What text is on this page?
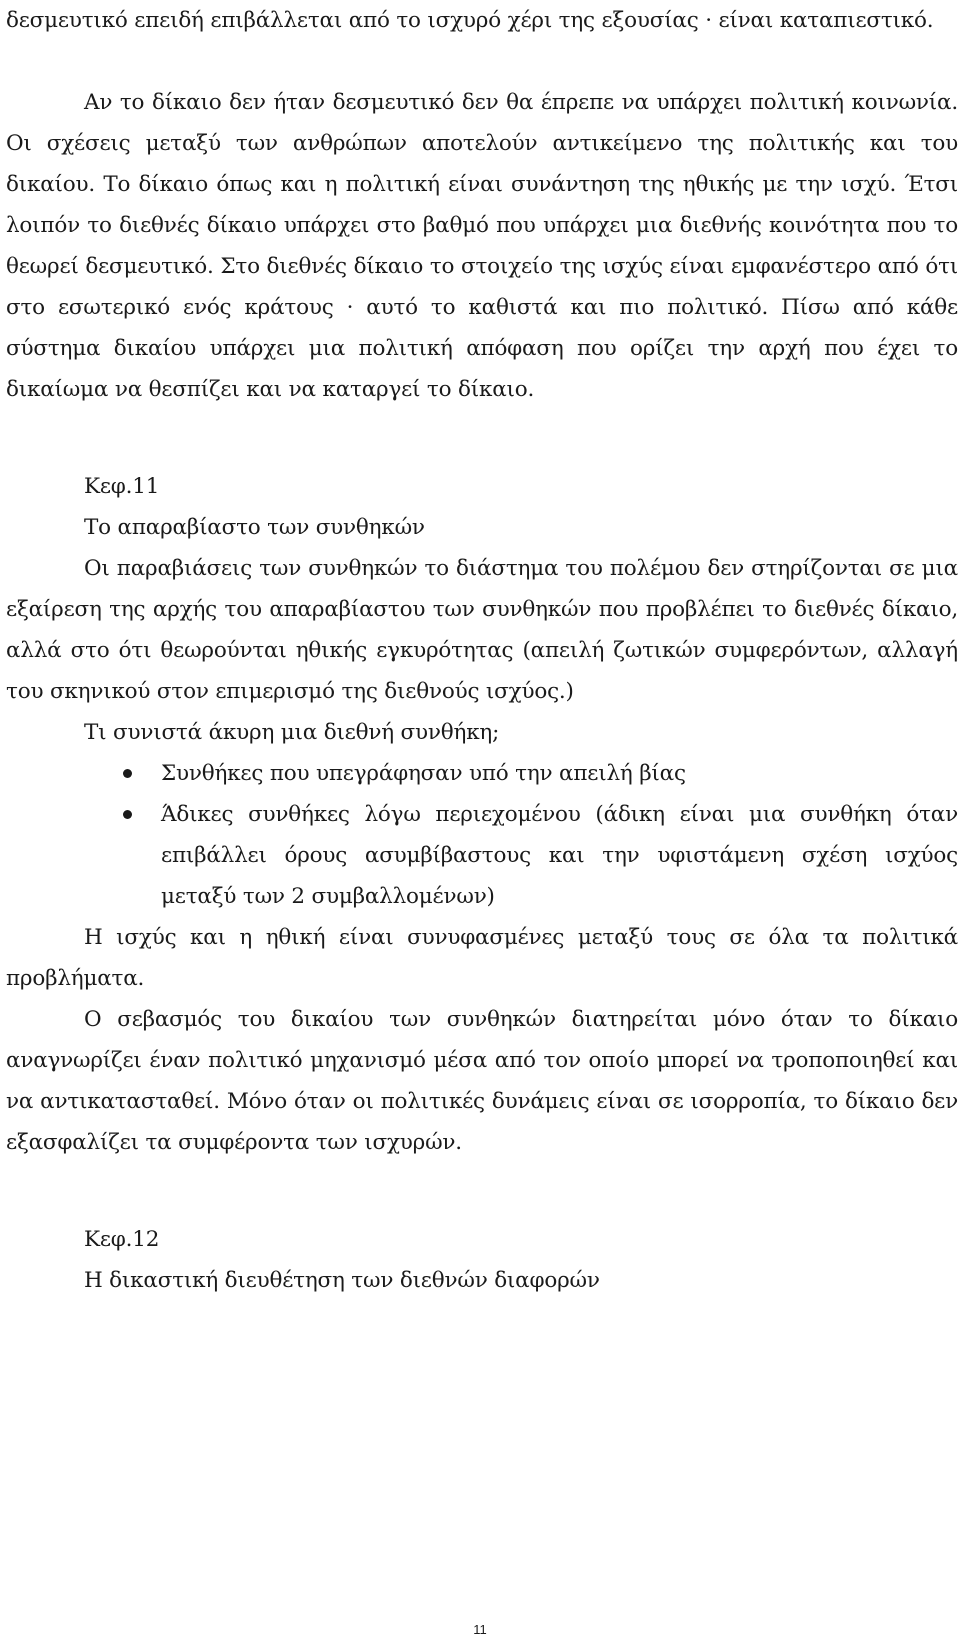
δεσμευτικό επειδή επιβάλλεται από το ισχυρό χέρι της εξουσίας · είναι καταπιεστικό.

Αν το δίκαιο δεν ήταν δεσμευτικό δεν θα έπρεπε να υπάρχει πολιτική κοινωνία. Οι σχέσεις μεταξύ των ανθρώπων αποτελούν αντικείμενο της πολιτικής και του δικαίου. Το δίκαιο όπως και η πολιτική είναι συνάντηση της ηθικής με την ισχύ. Έτσι λοιπόν το διεθνές δίκαιο υπάρχει στο βαθμό που υπάρχει μια διεθνής κοινότητα που το θεωρεί δεσμευτικό. Στο διεθνές δίκαιο το στοιχείο της ισχύς είναι εμφανέστερο από ότι στο εσωτερικό ενός κράτους · αυτό το καθιστά και πιο πολιτικό. Πίσω από κάθε σύστημα δικαίου υπάρχει μια πολιτική απόφαση που ορίζει την αρχή που έχει το δικαίωμα να θεσπίζει και να καταργεί το δίκαιο.

Κεφ.11

Το απαραβίαστο των συνθηκών

Οι παραβιάσεις των συνθηκών το διάστημα του πολέμου δεν στηρίζονται σε μια εξαίρεση της αρχής του απαραβίαστου των συνθηκών που προβλέπει το διεθνές δίκαιο, αλλά στο ότι θεωρούνται ηθικής εγκυρότητας (απειλή ζωτικών συμφερόντων, αλλαγή του σκηνικού στον επιμερισμό της διεθνούς ισχύος.)

Τι συνιστά άκυρη μια διεθνή συνθήκη;

Συνθήκες που υπεγράφησαν υπό την απειλή βίας
Άδικες συνθήκες λόγω περιεχομένου (άδικη είναι μια συνθήκη όταν επιβάλλει όρους ασυμβίβαστους και την υφιστάμενη σχέση ισχύος μεταξύ των 2 συμβαλλομένων)

Η ισχύς και η ηθική είναι συνυφασμένες μεταξύ τους σε όλα τα πολιτικά προβλήματα.

Ο σεβασμός του δικαίου των συνθηκών διατηρείται μόνο όταν το δίκαιο αναγνωρίζει έναν πολιτικό μηχανισμό μέσα από τον οποίο μπορεί να τροποποιηθεί και να αντικατασταθεί. Μόνο όταν οι πολιτικές δυνάμεις είναι σε ισορροπία, το δίκαιο δεν εξασφαλίζει τα συμφέροντα των ισχυρών.

Κεφ.12

Η δικαστική διευθέτηση των διεθνών διαφορών

11
